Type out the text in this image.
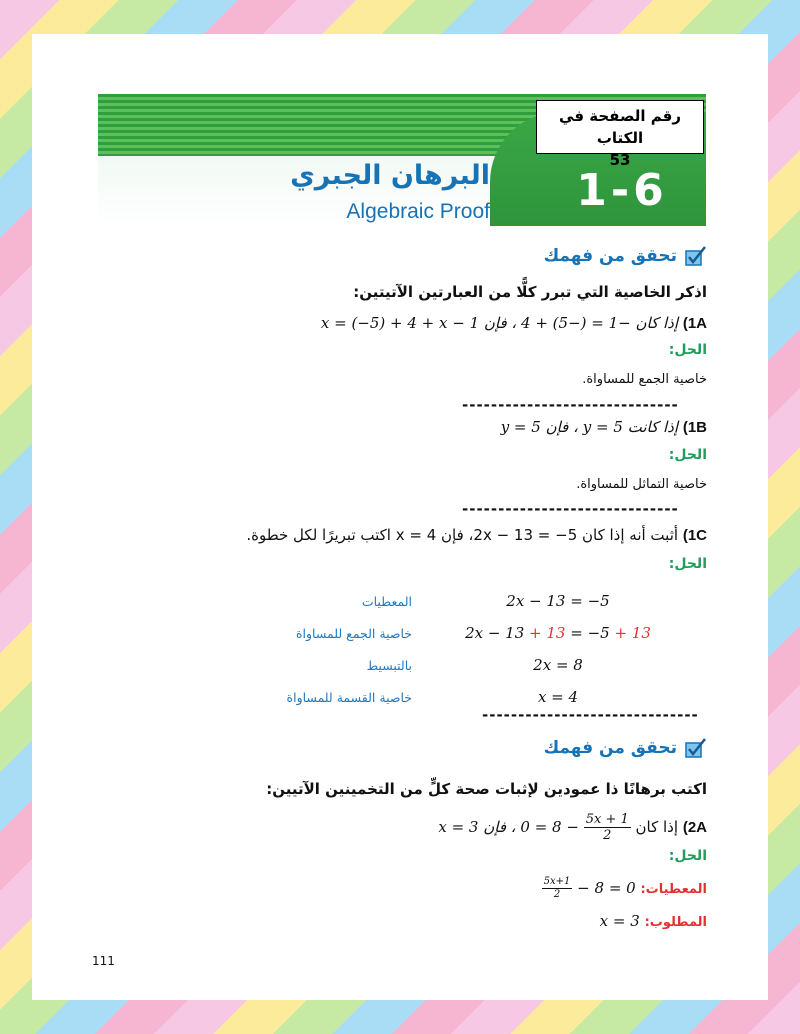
1-6
البرهان الجبري
Algebraic Proof
رقم الصفحة في الكتاب
53
تحقق من فهمك
اذكر الخاصية التي تبرر كلًّا من العبارتين الآتيتين:
1A) إذا كان −1 = (−5) + 4 ، فإن 1 − x = (−5) + 4 + x
الحل:
خاصية الجمع للمساواة.
------------------------------
1B) إذا كانت 5 = y ، فإن y = 5
الحل:
خاصية التماثل للمساواة.
------------------------------
1C) أثبت أنه إذا كان 2x − 13 = −5، فإن x = 4 اكتب تبريرًا لكل خطوة.
الحل:
2x − 13 = −5
المعطيات
2x − 13 + 13 = −5 + 13
خاصية الجمع للمساواة
2x = 8
بالتبسيط
x = 4
خاصية القسمة للمساواة
------------------------------
تحقق من فهمك
اكتب برهانًا ذا عمودين لإثبات صحة كلٍّ من التخمينين الآتيين:
2A) إذا كان
$\frac{5x + 1}{2}$
− 8 = 0 ، فإن x = 3
الحل:
المعطيات:
$\frac{5x+1}{2} - 8 = 0$
المطلوب: x = 3
111
